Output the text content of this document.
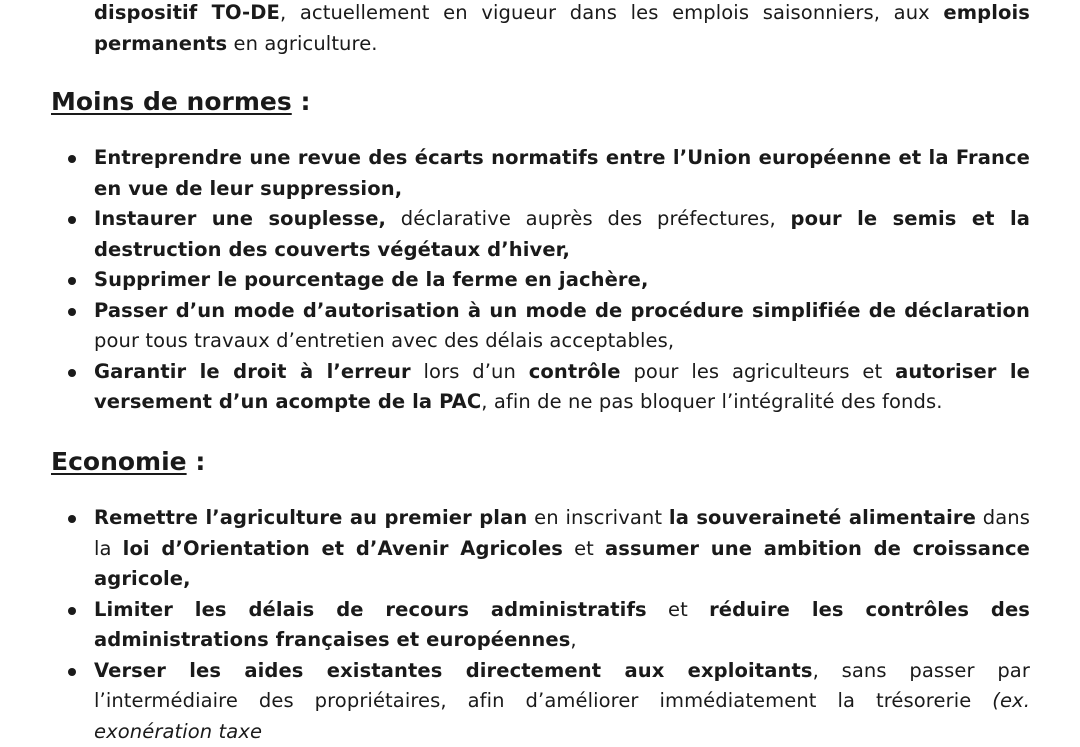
dispositif TO-DE, actuellement en vigueur dans les emplois saisonniers, aux emplois permanents en agriculture.

Moins de normes :
Entreprendre une revue des écarts normatifs entre l’Union européenne et la France en vue de leur suppression,
Instaurer une souplesse, déclarative auprès des préfectures, pour le semis et la destruction des couverts végétaux d’hiver,
Supprimer le pourcentage de la ferme en jachère,
Passer d’un mode d’autorisation à un mode de procédure simplifiée de déclaration pour tous travaux d’entretien avec des délais acceptables,
Garantir le droit à l’erreur lors d’un contrôle pour les agriculteurs et autoriser le versement d’un acompte de la PAC, afin de ne pas bloquer l’intégralité des fonds.
Economie :
Remettre l’agriculture au premier plan en inscrivant la souveraineté alimentaire dans la loi d’Orientation et d’Avenir Agricoles et assumer une ambition de croissance agricole,
Limiter les délais de recours administratifs et réduire les contrôles des administrations françaises et européennes,
Verser les aides existantes directement aux exploitants, sans passer par l’intermédiaire des propriétaires, afin d’améliorer immédiatement la trésorerie (ex. exonération taxe
